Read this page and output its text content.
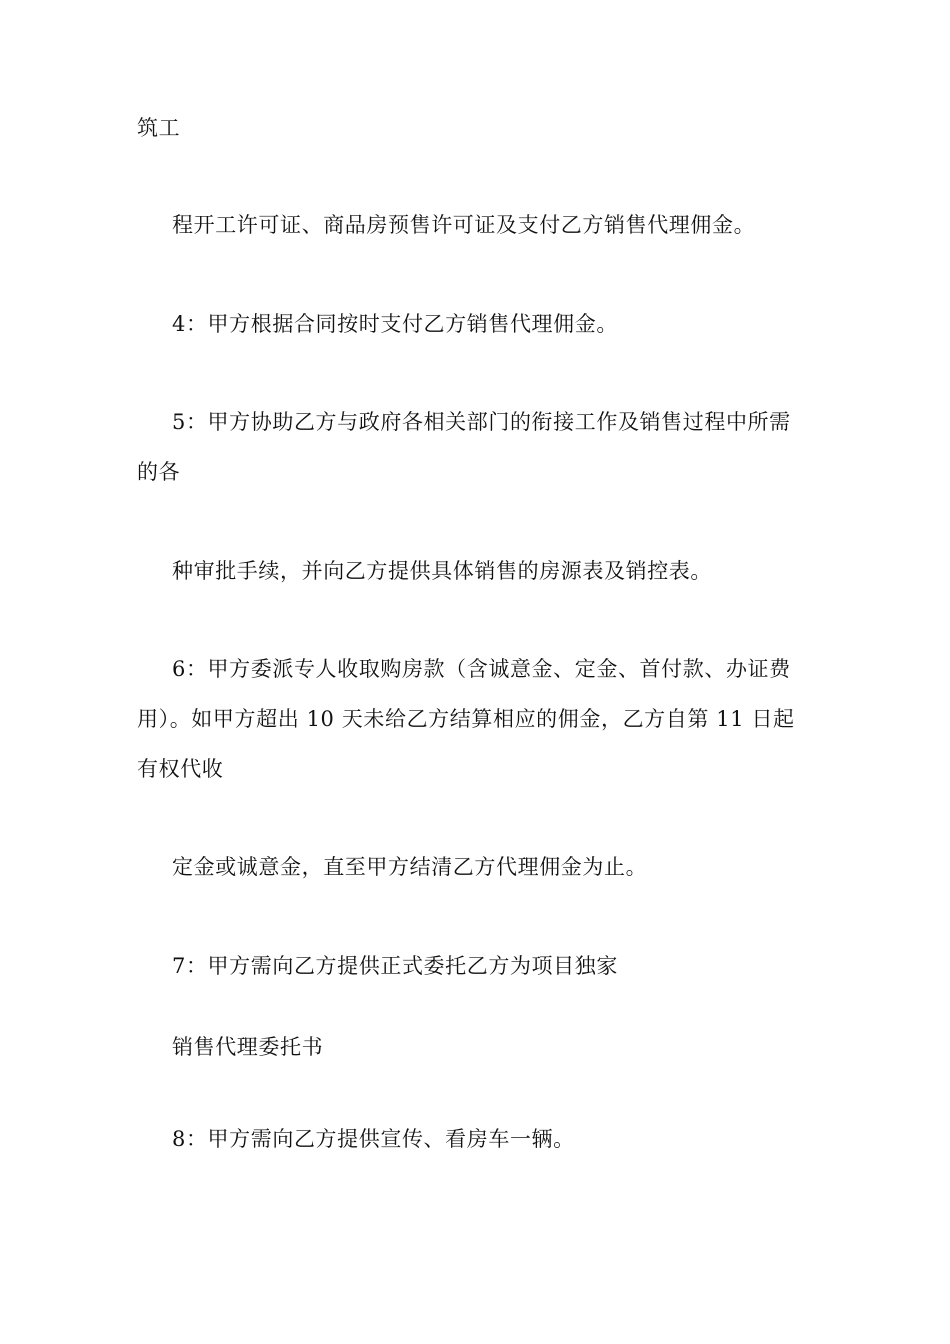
筑工
程开工许可证、商品房预售许可证及支付乙方销售代理佣金。
4：甲方根据合同按时支付乙方销售代理佣金。
5：甲方协助乙方与政府各相关部门的衔接工作及销售过程中所需
的各
种审批手续，并向乙方提供具体销售的房源表及销控表。
6：甲方委派专人收取购房款（含诚意金、定金、首付款、办证费
用）。如甲方超出 10 天未给乙方结算相应的佣金，乙方自第 11 日起
有权代收
定金或诚意金，直至甲方结清乙方代理佣金为止。
7：甲方需向乙方提供正式委托乙方为项目独家
销售代理委托书
8：甲方需向乙方提供宣传、看房车一辆。
